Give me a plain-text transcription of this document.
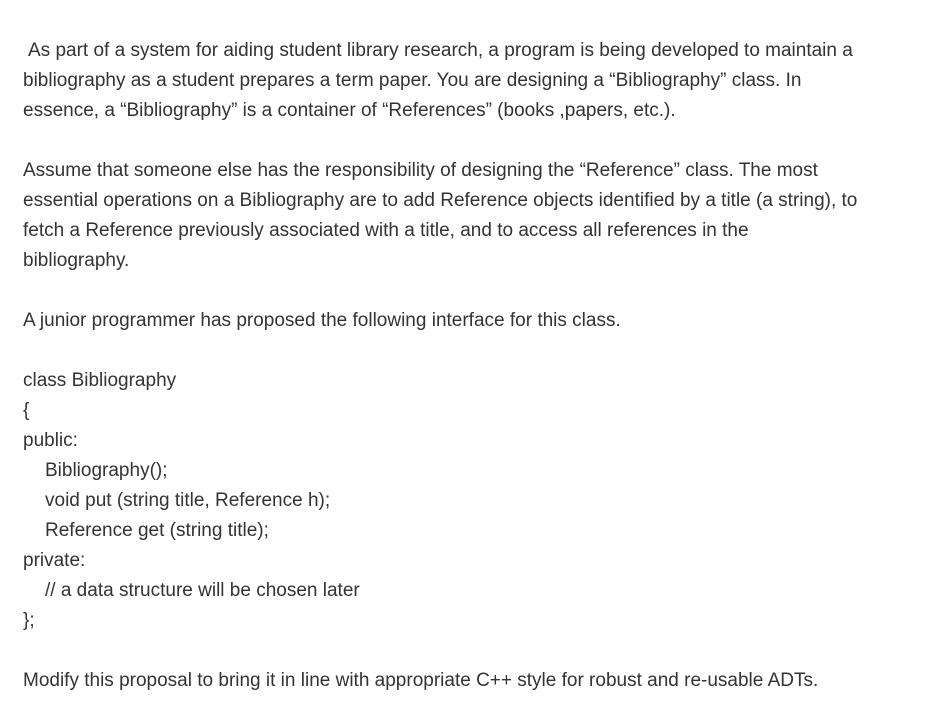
As part of a system for aiding student library research, a program is being developed to maintain a
bibliography as a student prepares a term paper. You are designing a “Bibliography” class. In
essence, a “Bibliography” is a container of “References” (books ,papers, etc.).
Assume that someone else has the responsibility of designing the “Reference” class. The most
essential operations on a Bibliography are to add Reference objects identified by a title (a string), to
fetch a Reference previously associated with a title, and to access all references in the
bibliography.
A junior programmer has proposed the following interface for this class.
class Bibliography
{
public:
Bibliography();
void put (string title, Reference h);
Reference get (string title);
private:
// a data structure will be chosen later
};
Modify this proposal to bring it in line with appropriate C++ style for robust and re-usable ADTs.
